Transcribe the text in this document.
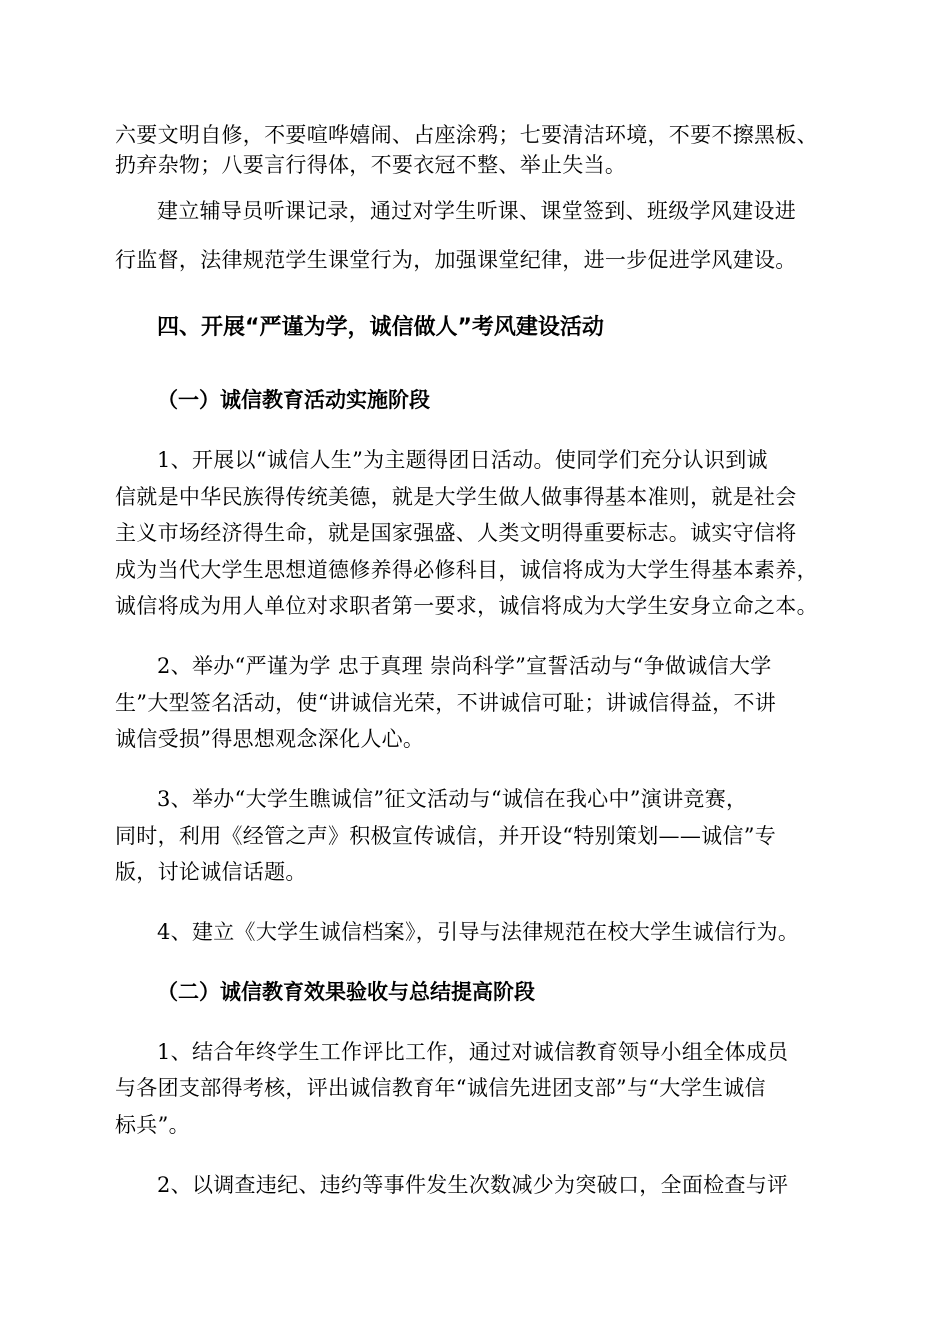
六要文明自修，不要喧哗嬉闹、占座涂鸦；七要清洁环境，不要不擦黑板、
扔弃杂物；八要言行得体，不要衣冠不整、举止失当。
建立辅导员听课记录，通过对学生听课、课堂签到、班级学风建设进
行监督，法律规范学生课堂行为，加强课堂纪律，进一步促进学风建设。
四、开展“严谨为学，诚信做人”考风建设活动
（一）诚信教育活动实施阶段
1、开展以“诚信人生”为主题得团日活动。使同学们充分认识到诚
信就是中华民族得传统美德，就是大学生做人做事得基本准则，就是社会
主义市场经济得生命，就是国家强盛、人类文明得重要标志。诚实守信将
成为当代大学生思想道德修养得必修科目，诚信将成为大学生得基本素养，
诚信将成为用人单位对求职者第一要求，诚信将成为大学生安身立命之本。
2、举办“严谨为学 忠于真理 崇尚科学”宣誓活动与“争做诚信大学
生”大型签名活动，使“讲诚信光荣，不讲诚信可耻；讲诚信得益，不讲
诚信受损”得思想观念深化人心。
3、举办“大学生瞧诚信”征文活动与“诚信在我心中”演讲竞赛，
同时，利用《经管之声》积极宣传诚信，并开设“特别策划——诚信”专
版，讨论诚信话题。
4、建立《大学生诚信档案》，引导与法律规范在校大学生诚信行为。
（二）诚信教育效果验收与总结提高阶段
1、结合年终学生工作评比工作，通过对诚信教育领导小组全体成员
与各团支部得考核，评出诚信教育年“诚信先进团支部”与“大学生诚信
标兵”。
2、以调查违纪、违约等事件发生次数减少为突破口，全面检查与评
